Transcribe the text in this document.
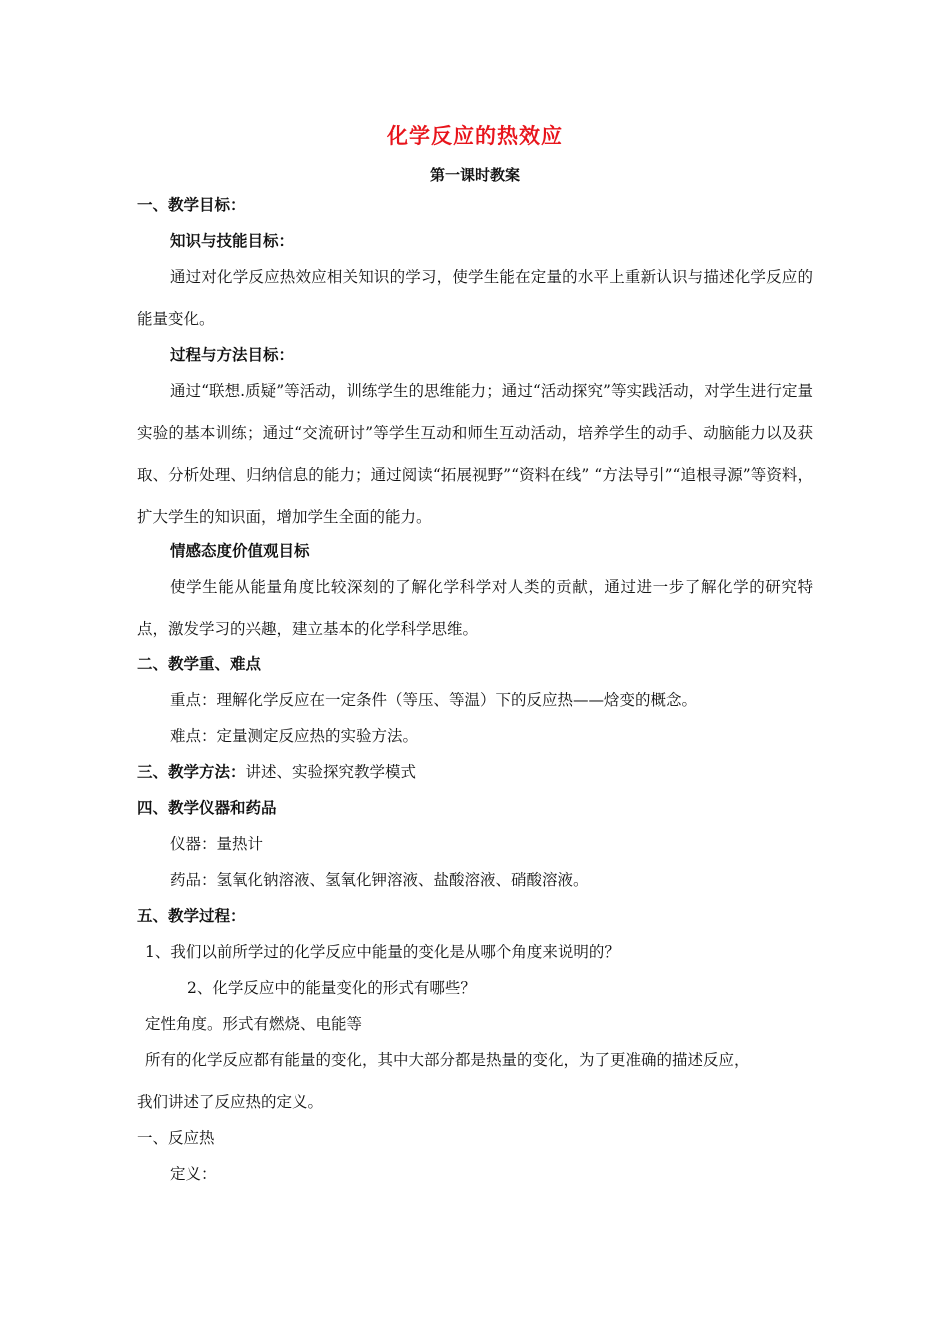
化学反应的热效应
第一课时教案
一、教学目标：
知识与技能目标：
通过对化学反应热效应相关知识的学习，使学生能在定量的水平上重新认识与描述化学反应的能量变化。
过程与方法目标：
通过“联想.质疑”等活动，训练学生的思维能力；通过“活动探究”等实践活动，对学生进行定量实验的基本训练；通过“交流研讨”等学生互动和师生互动活动，培养学生的动手、动脑能力以及获取、分析处理、归纳信息的能力；通过阅读“拓展视野”“资料在线” “方法导引”“追根寻源”等资料，扩大学生的知识面，增加学生全面的能力。
情感态度价值观目标
使学生能从能量角度比较深刻的了解化学科学对人类的贡献，通过进一步了解化学的研究特点，激发学习的兴趣，建立基本的化学科学思维。
二、教学重、难点
重点：理解化学反应在一定条件（等压、等温）下的反应热——焓变的概念。
难点：定量测定反应热的实验方法。
三、教学方法：讲述、实验探究教学模式
四、教学仪器和药品
仪器：量热计
药品：氢氧化钠溶液、氢氧化钾溶液、盐酸溶液、硝酸溶液。
五、教学过程：
1、我们以前所学过的化学反应中能量的变化是从哪个角度来说明的？
2、化学反应中的能量变化的形式有哪些？
定性角度。形式有燃烧、电能等
所有的化学反应都有能量的变化，其中大部分都是热量的变化，为了更准确的描述反应，
我们讲述了反应热的定义。
一、反应热
定义：
